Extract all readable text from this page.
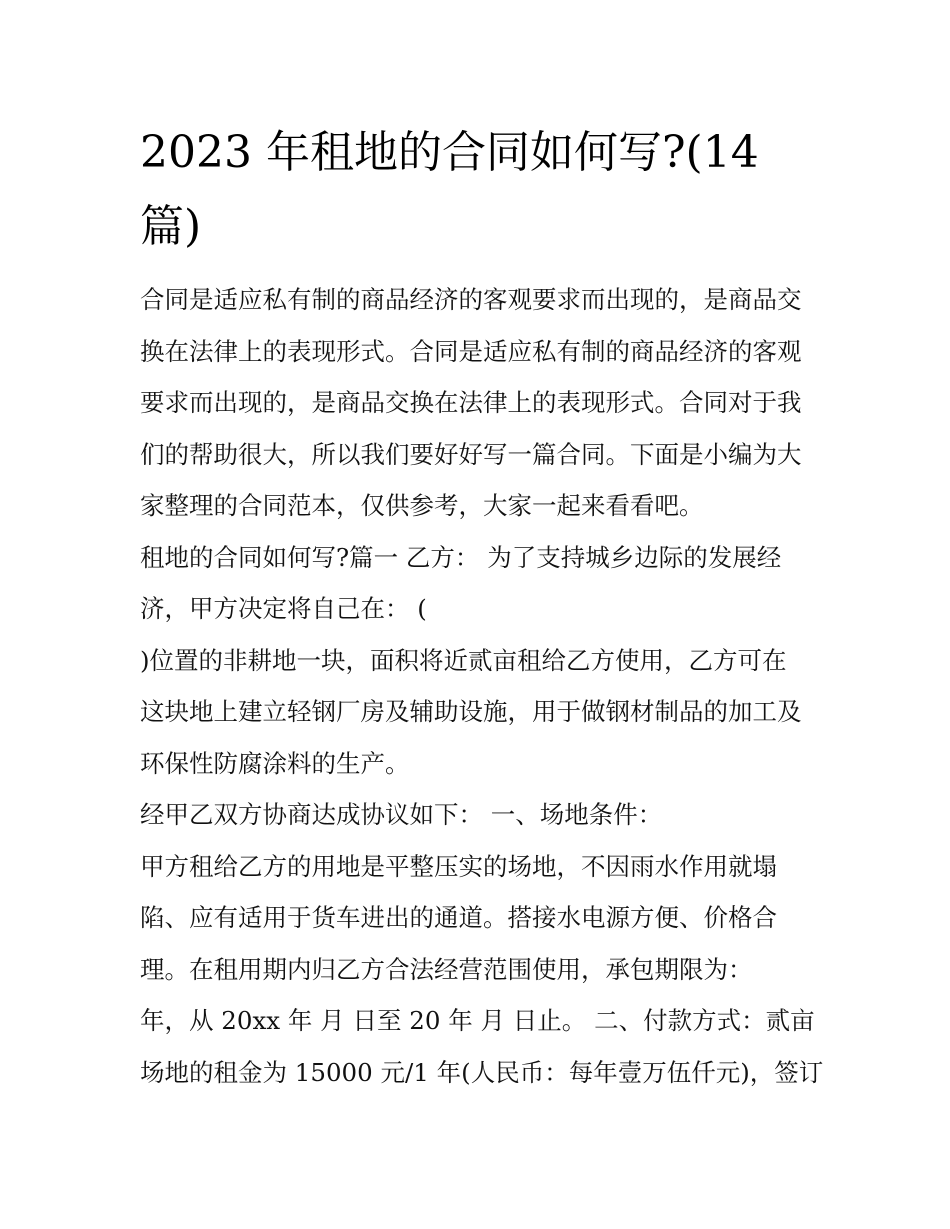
2023 年租地的合同如何写?(14
篇)
合同是适应私有制的商品经济的客观要求而出现的，是商品交
换在法律上的表现形式。合同是适应私有制的商品经济的客观
要求而出现的，是商品交换在法律上的表现形式。合同对于我
们的帮助很大，所以我们要好好写一篇合同。下面是小编为大
家整理的合同范本，仅供参考，大家一起来看看吧。
租地的合同如何写?篇一 乙方： 为了支持城乡边际的发展经
济，甲方决定将自己在： (
)位置的非耕地一块，面积将近贰亩租给乙方使用，乙方可在
这块地上建立轻钢厂房及辅助设施，用于做钢材制品的加工及
环保性防腐涂料的生产。
经甲乙双方协商达成协议如下： 一、场地条件：
甲方租给乙方的用地是平整压实的场地，不因雨水作用就塌
陷、应有适用于货车进出的通道。搭接水电源方便、价格合
理。在租用期内归乙方合法经营范围使用，承包期限为：
年，从 20xx 年 月 日至 20 年 月 日止。 二、付款方式：贰亩
场地的租金为 15000 元/1 年(人民币：每年壹万伍仟元)，签订
